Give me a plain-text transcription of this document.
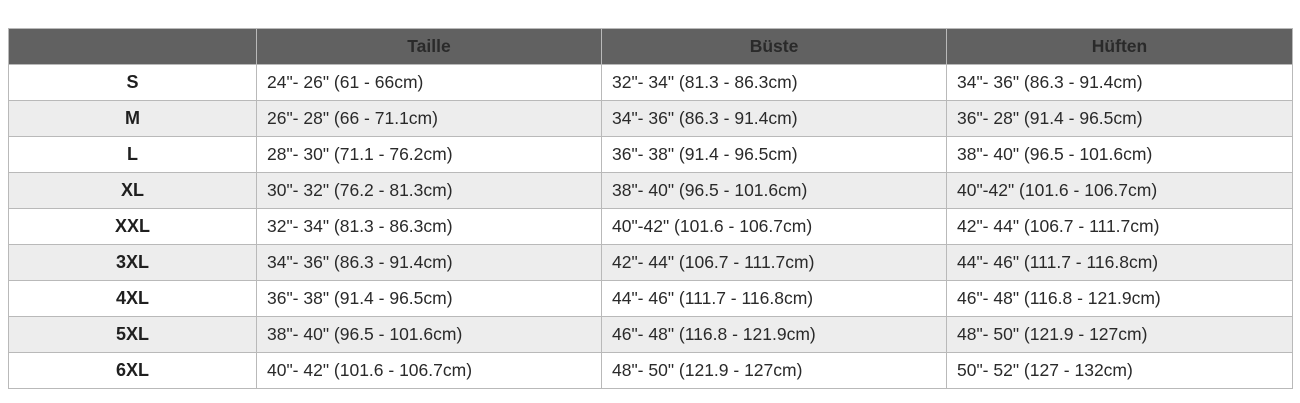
	Taille	Büste	Hüften
S	24"- 26" (61 - 66cm)	32"- 34" (81.3 - 86.3cm)	34"- 36" (86.3 - 91.4cm)
M	26"- 28" (66 - 71.1cm)	34"- 36" (86.3 - 91.4cm)	36"- 28" (91.4 - 96.5cm)
L	28"- 30" (71.1 - 76.2cm)	36"- 38" (91.4 - 96.5cm)	38"- 40" (96.5 - 101.6cm)
XL	30"- 32" (76.2 - 81.3cm)	38"- 40" (96.5 - 101.6cm)	40"-42" (101.6 - 106.7cm)
XXL	32"- 34" (81.3 - 86.3cm)	40"-42" (101.6 - 106.7cm)	42"- 44" (106.7 - 111.7cm)
3XL	34"- 36" (86.3 - 91.4cm)	42"- 44" (106.7 - 111.7cm)	44"- 46" (111.7 - 116.8cm)
4XL	36"- 38" (91.4 - 96.5cm)	44"- 46" (111.7 - 116.8cm)	46"- 48" (116.8 - 121.9cm)
5XL	38"- 40" (96.5 - 101.6cm)	46"- 48" (116.8 - 121.9cm)	48"- 50" (121.9 - 127cm)
6XL	40"- 42" (101.6 - 106.7cm)	48"- 50" (121.9 - 127cm)	50"- 52" (127 - 132cm)
